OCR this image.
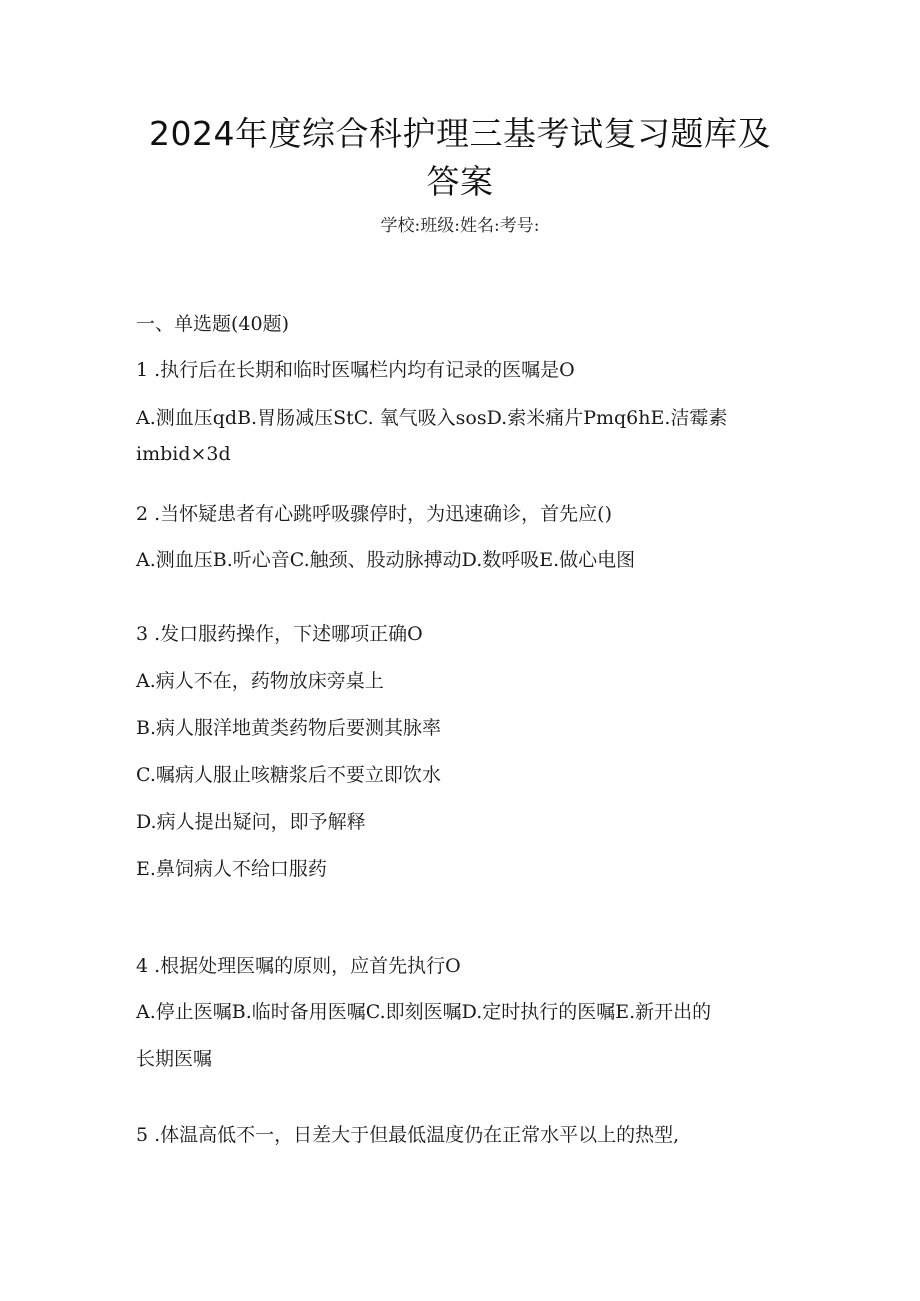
2024年度综合科护理三基考试复习题库及
答案
学校:班级:姓名:考号:
一、单选题(40题)
1 .执行后在长期和临时医嘱栏内均有记录的医嘱是O
A.测血压qdB.胃肠减压StC. 氧气吸入sosD.索米痛片Pmq6hE.洁霉素
imbid×3d
2 .当怀疑患者有心跳呼吸骤停时，为迅速确诊，首先应()
A.测血压B.听心音C.触颈、股动脉搏动D.数呼吸E.做心电图
3 .发口服药操作，下述哪项正确O
A.病人不在，药物放床旁桌上
B.病人服洋地黄类药物后要测其脉率
C.嘱病人服止咳糖浆后不要立即饮水
D.病人提出疑问，即予解释
E.鼻饲病人不给口服药
4 .根据处理医嘱的原则，应首先执行O
A.停止医嘱B.临时备用医嘱C.即刻医嘱D.定时执行的医嘱E.新开出的
长期医嘱
5 .体温高低不一，日差大于但最低温度仍在正常水平以上的热型,
